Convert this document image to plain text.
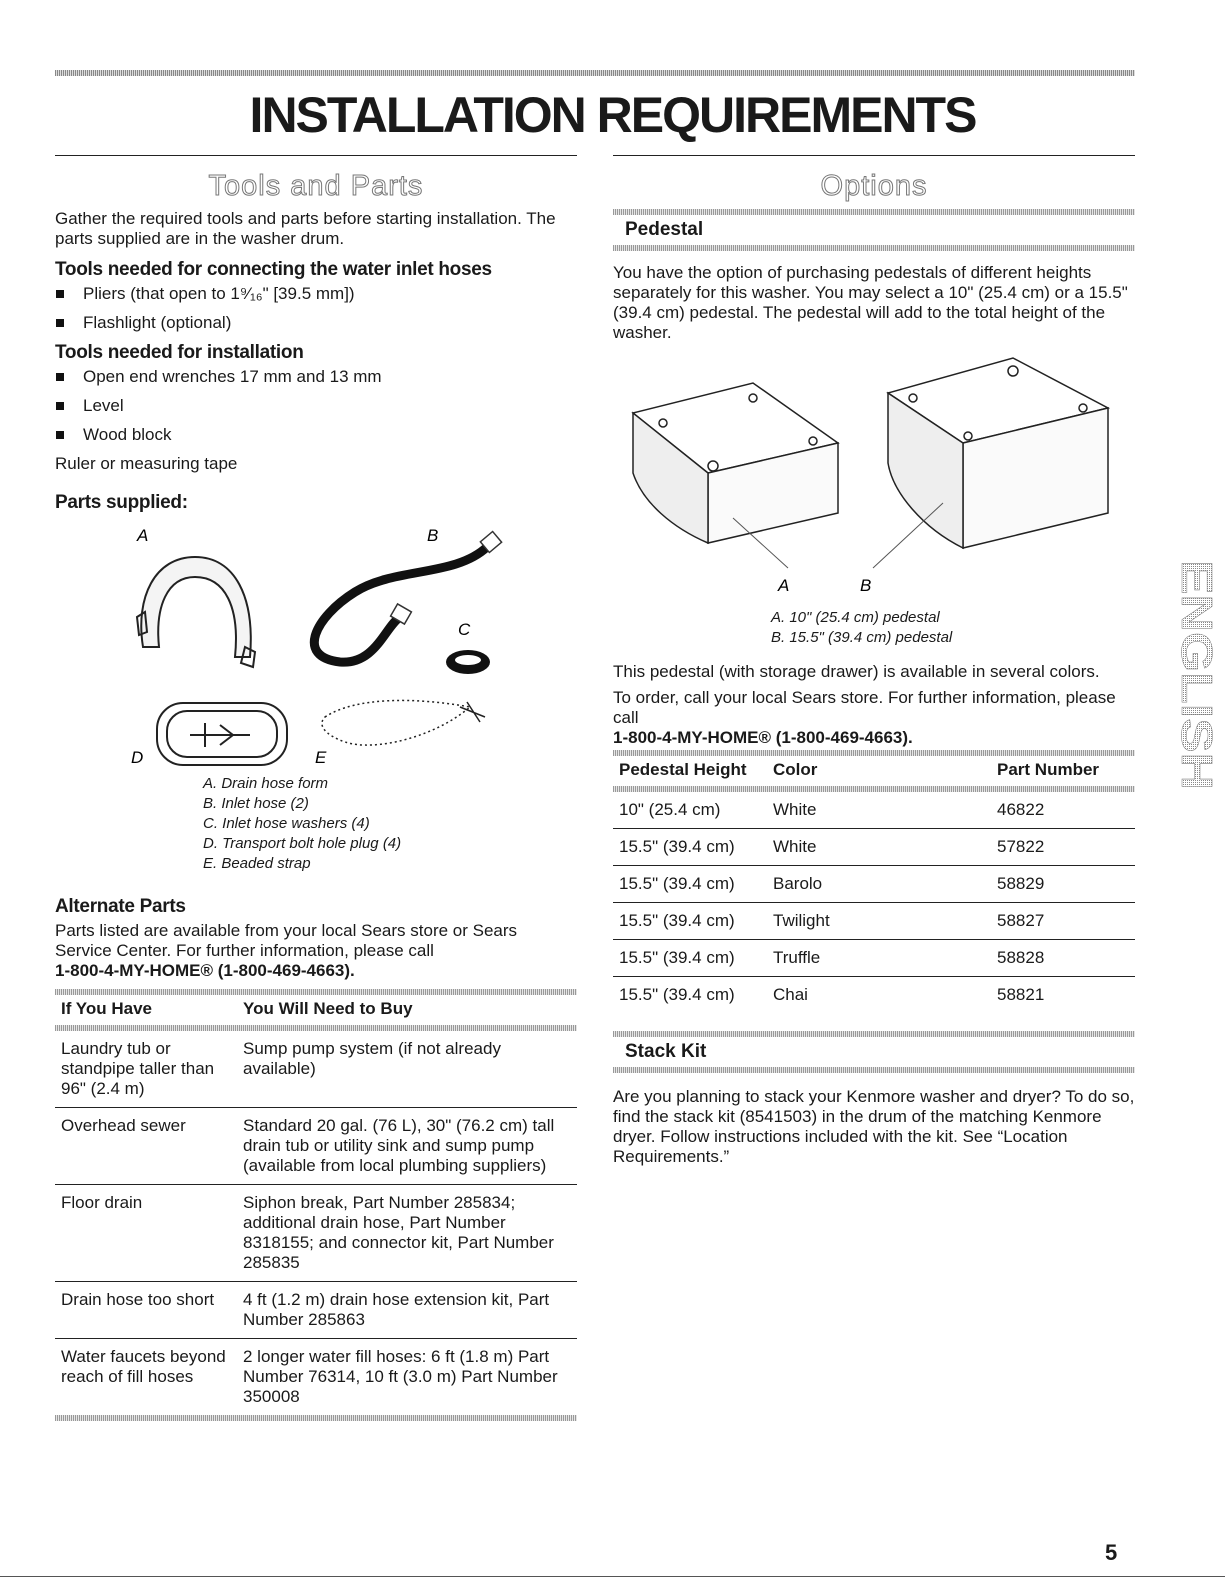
INSTALLATION REQUIREMENTS
Tools and Parts

Gather the required tools and parts before starting installation. The parts supplied are in the washer drum.

Tools needed for connecting the water inlet hoses
Pliers (that open to 1⁹⁄₁₆" [39.5 mm])
Flashlight (optional)
Tools needed for installation
Open end wrenches 17 mm and 13 mm
Level
Wood block

Ruler or measuring tape

Parts supplied:
A	B
C
D	E
A. Drain hose form
B. Inlet hose (2)
C. Inlet hose washers (4)
D. Transport bolt hole plug (4)
E. Beaded strap
Alternate Parts

Parts listed are available from your local Sears store or Sears Service Center. For further information, please call

1-800-4-MY-HOME® (1-800-469-4663).

If You Have	You Will Need to Buy

Laundry tub or standpipe taller than 96" (2.4 m)	Sump pump system (if not already available)
Overhead sewer	Standard 20 gal. (76 L), 30" (76.2 cm) tall drain tub or utility sink and sump pump (available from local plumbing suppliers)
Floor drain	Siphon break, Part Number 285834; additional drain hose, Part Number 8318155; and connector kit, Part Number 285835
Drain hose too short	4 ft (1.2 m) drain hose extension kit, Part Number 285863
Water faucets beyond reach of fill hoses	2 longer water fill hoses: 6 ft (1.8 m) Part Number 76314, 10 ft (3.0 m) Part Number 350008
Options
Pedestal

You have the option of purchasing pedestals of different heights separately for this washer. You may select a 10" (25.4 cm) or a 15.5" (39.4 cm) pedestal. The pedestal will add to the total height of the washer.

A	B
A. 10" (25.4 cm) pedestal
B. 15.5" (39.4 cm) pedestal

This pedestal (with storage drawer) is available in several colors.

To order, call your local Sears store. For further information, please call

1-800-4-MY-HOME® (1-800-469-4663).

Pedestal Height	Color	Part Number

10" (25.4 cm)	White	46822
15.5" (39.4 cm)	White	57822
15.5" (39.4 cm)	Barolo	58829
15.5" (39.4 cm)	Twilight	58827
15.5" (39.4 cm)	Truffle	58828
15.5" (39.4 cm)	Chai	58821
Stack Kit

Are you planning to stack your Kenmore washer and dryer? To do so, find the stack kit (8541503) in the drum of the matching Kenmore dryer. Follow instructions included with the kit. See “Location Requirements.”

ENGLISH
5
